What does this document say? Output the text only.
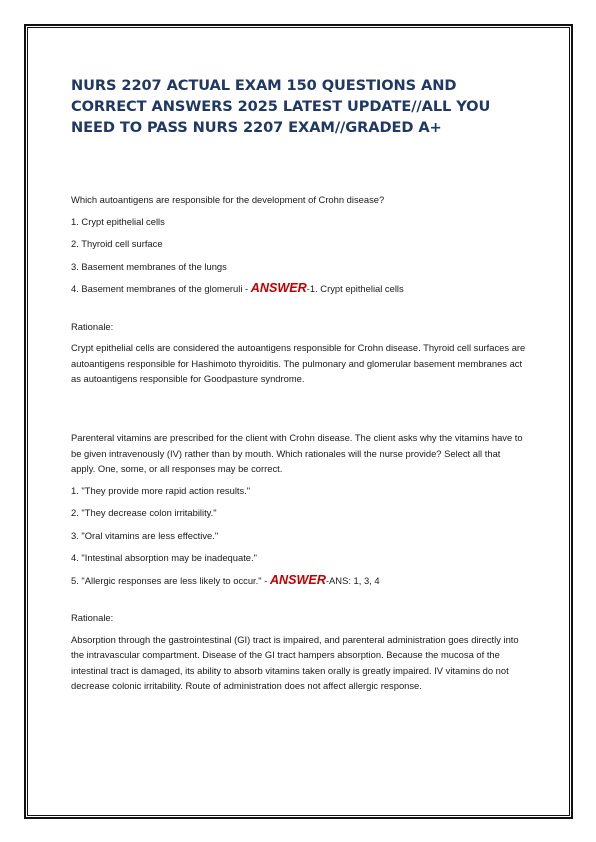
NURS 2207 ACTUAL EXAM 150 QUESTIONS AND CORRECT ANSWERS 2025 LATEST UPDATE//ALL YOU NEED TO PASS NURS 2207 EXAM//GRADED A+

Which autoantigens are responsible for the development of Crohn disease?

1. Crypt epithelial cells

2. Thyroid cell surface

3. Basement membranes of the lungs

4. Basement membranes of the glomeruli - ANSWER-1. Crypt epithelial cells

Rationale:

Crypt epithelial cells are considered the autoantigens responsible for Crohn disease. Thyroid cell surfaces are autoantigens responsible for Hashimoto thyroiditis. The pulmonary and glomerular basement membranes act as autoantigens responsible for Goodpasture syndrome.

Parenteral vitamins are prescribed for the client with Crohn disease. The client asks why the vitamins have to be given intravenously (IV) rather than by mouth. Which rationales will the nurse provide? Select all that apply. One, some, or all responses may be correct.

1. "They provide more rapid action results."

2. "They decrease colon irritability."

3. "Oral vitamins are less effective."

4. "Intestinal absorption may be inadequate."

5. "Allergic responses are less likely to occur." - ANSWER-ANS: 1, 3, 4

Rationale:

Absorption through the gastrointestinal (GI) tract is impaired, and parenteral administration goes directly into the intravascular compartment. Disease of the GI tract hampers absorption. Because the mucosa of the intestinal tract is damaged, its ability to absorb vitamins taken orally is greatly impaired. IV vitamins do not decrease colonic irritability. Route of administration does not affect allergic response.
